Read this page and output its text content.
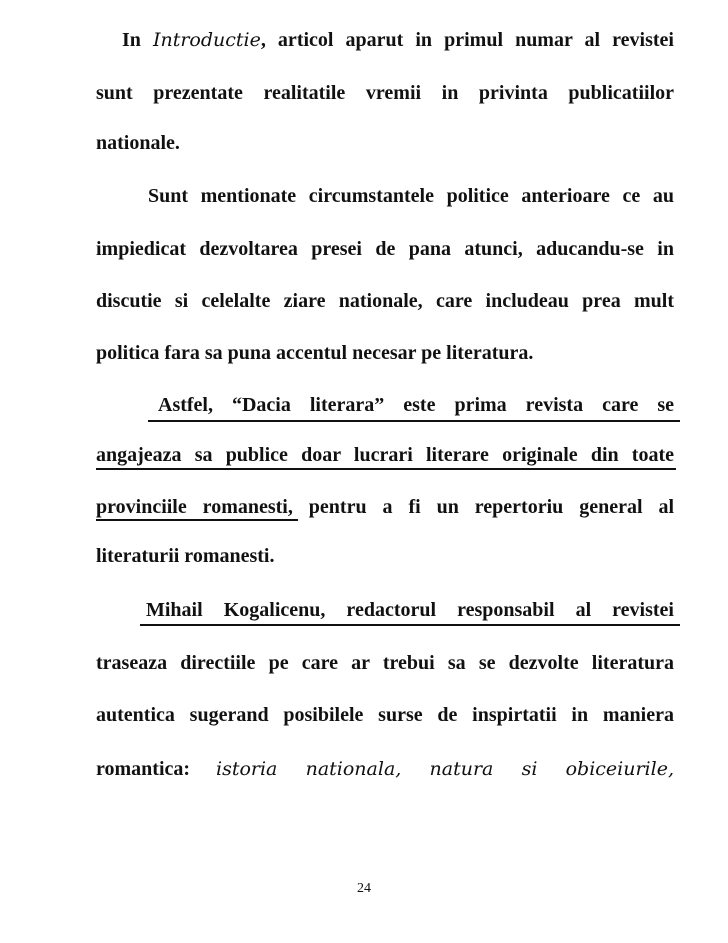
In Introductie, articol aparut in primul numar al revistei
sunt prezentate realitatile vremii in privinta publicatiilor
nationale.
Sunt mentionate circumstantele politice anterioare ce au
impiedicat dezvoltarea presei de pana atunci, aducandu-se in
discutie si celelalte ziare nationale, care includeau prea mult
politica fara sa puna accentul necesar pe literatura.
Astfel, “Dacia literara” este prima revista care se
angajeaza sa publice doar lucrari literare originale din toate
provinciile romanesti, pentru a fi un repertoriu general al
literaturii romanesti.
Mihail Kogalicenu, redactorul responsabil al revistei
traseaza directiile pe care ar trebui sa se dezvolte literatura
autentica sugerand posibilele surse de inspirtatii in maniera
romantica: istoria nationala, natura si obiceiurile,
24
